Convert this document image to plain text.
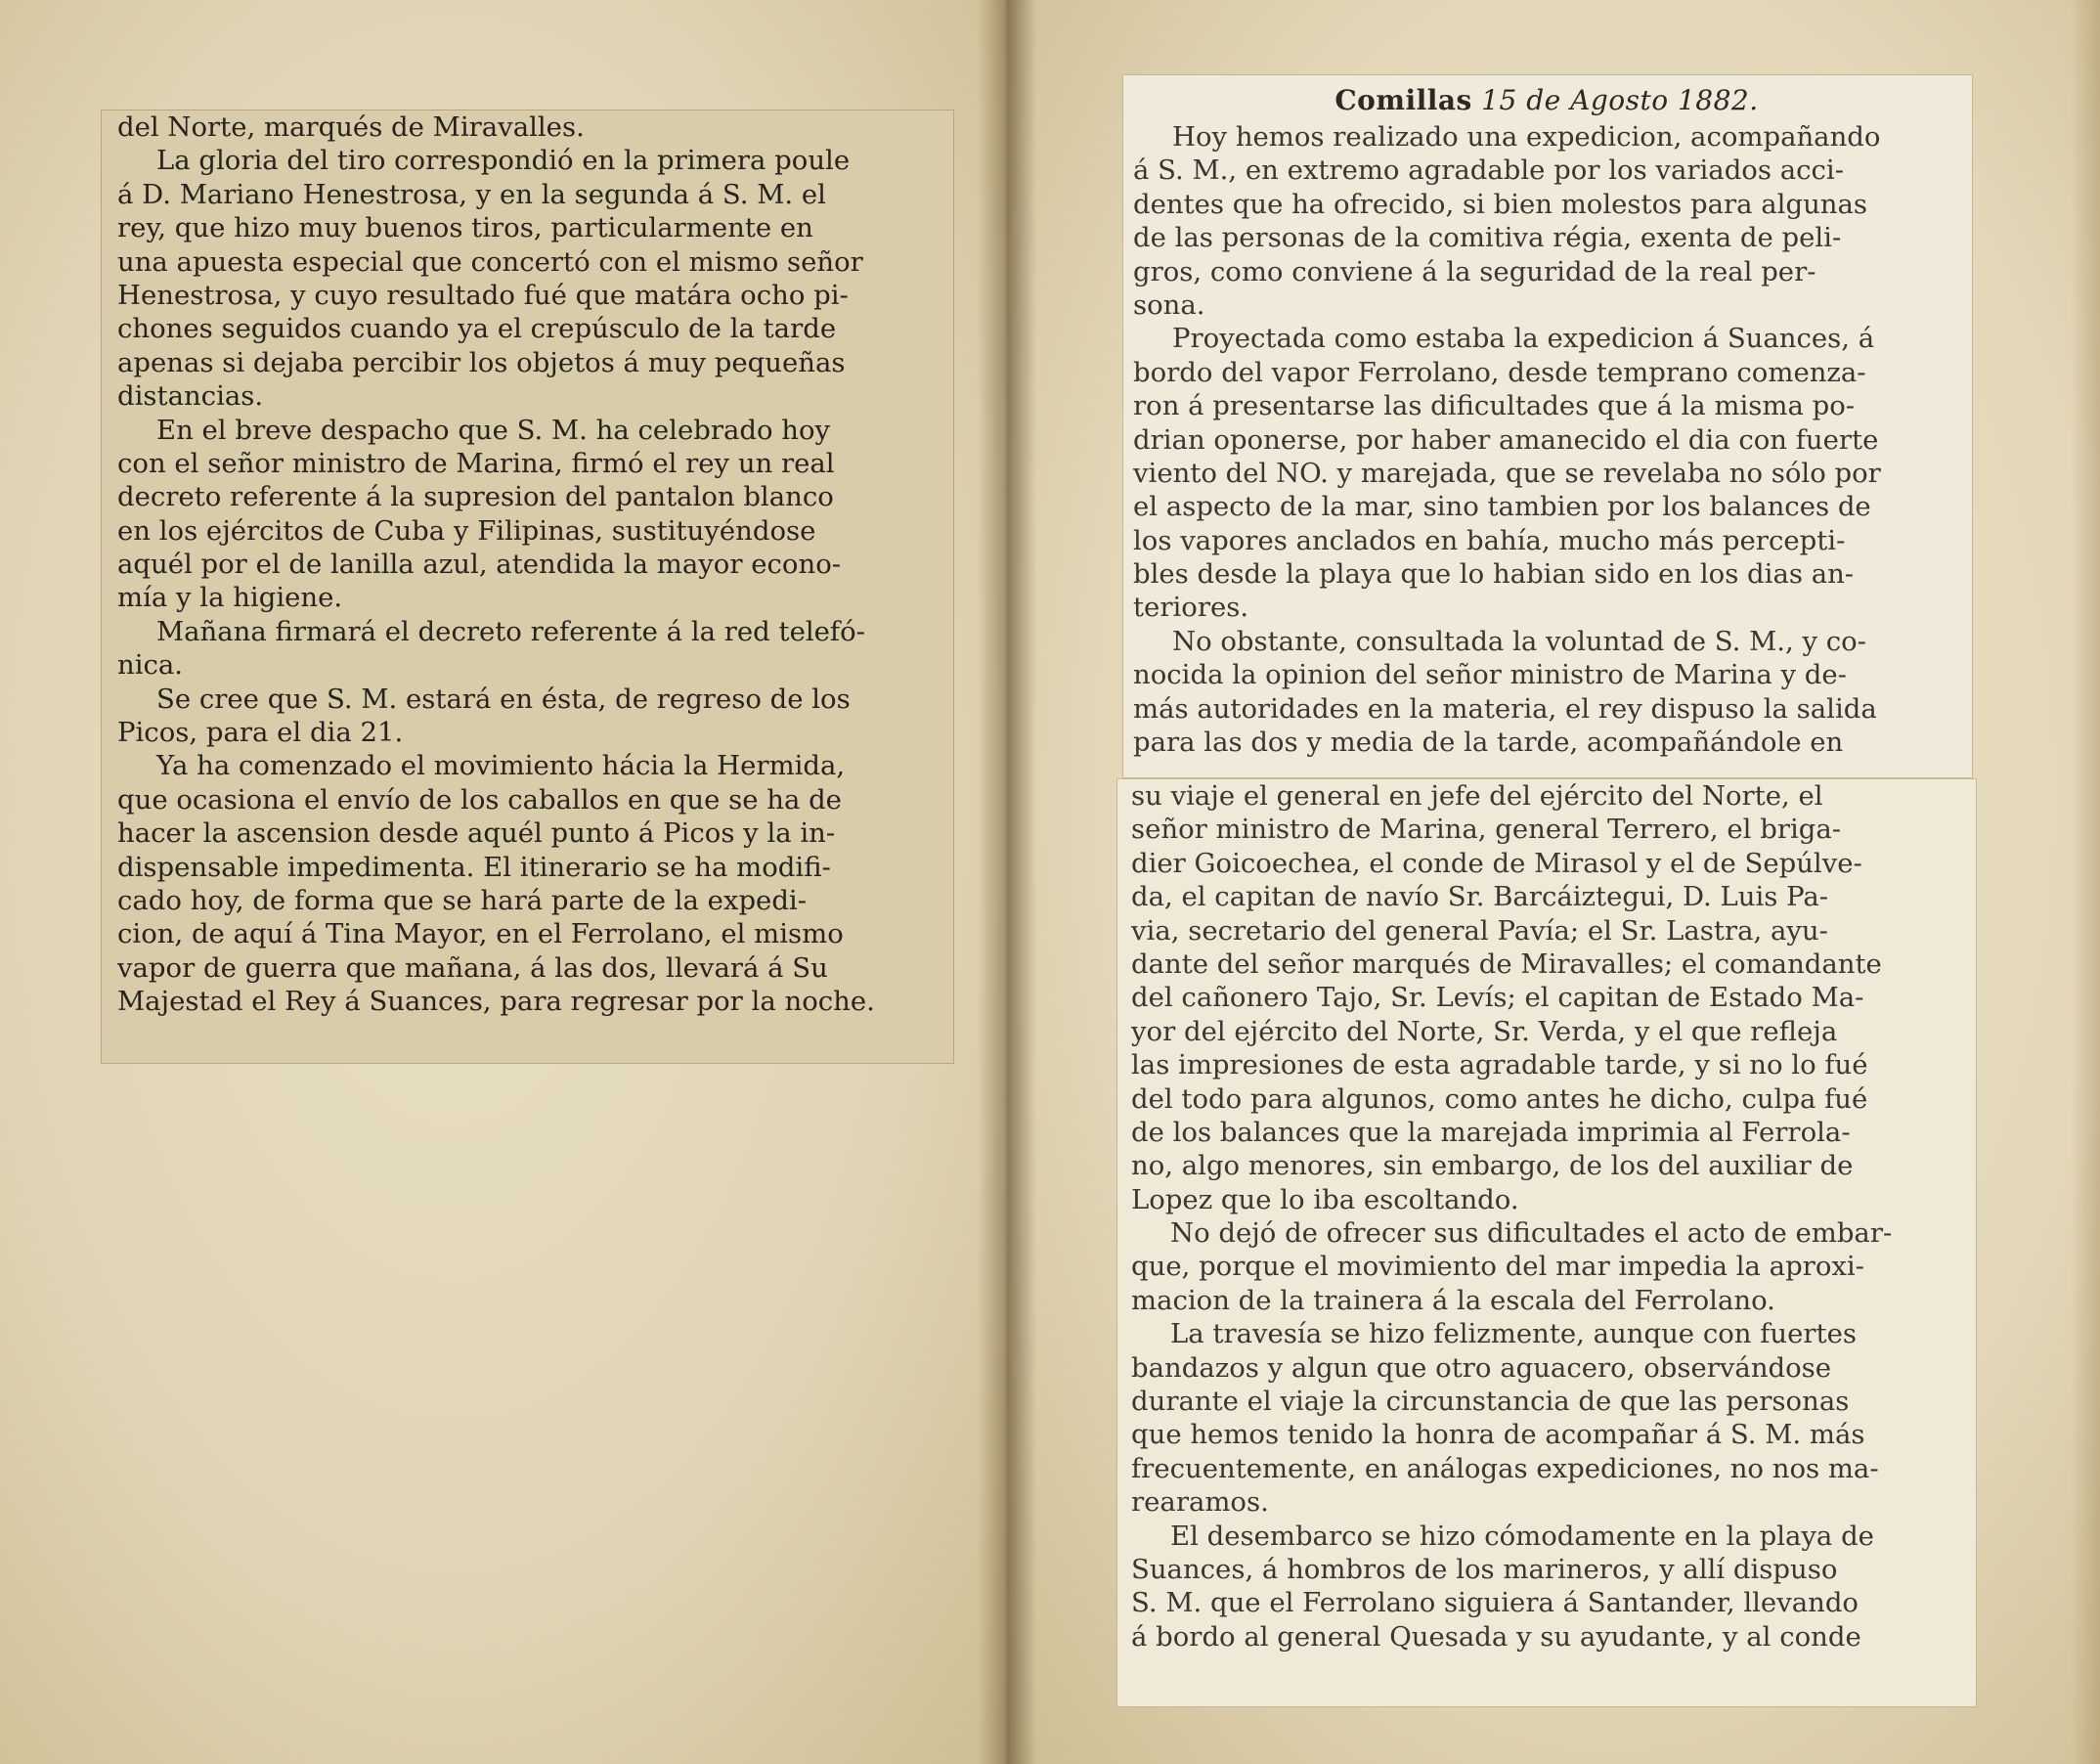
del Norte, marqués de Miravalles.
La gloria del tiro correspondió en la primera poule
á D. Mariano Henestrosa, y en la segunda á S. M. el
rey, que hizo muy buenos tiros, particularmente en
una apuesta especial que concertó con el mismo señor
Henestrosa, y cuyo resultado fué que matára ocho pi-
chones seguidos cuando ya el crepúsculo de la tarde
apenas si dejaba percibir los objetos á muy pequeñas
distancias.
En el breve despacho que S. M. ha celebrado hoy
con el señor ministro de Marina, firmó el rey un real
decreto referente á la supresion del pantalon blanco
en los ejércitos de Cuba y Filipinas, sustituyéndose
aquél por el de lanilla azul, atendida la mayor econo-
mía y la higiene.
Mañana firmará el decreto referente á la red telefó-
nica.
Se cree que S. M. estará en ésta, de regreso de los
Picos, para el dia 21.
Ya ha comenzado el movimiento hácia la Hermida,
que ocasiona el envío de los caballos en que se ha de
hacer la ascension desde aquél punto á Picos y la in-
dispensable impedimenta. El itinerario se ha modifi-
cado hoy, de forma que se hará parte de la expedi-
cion, de aquí á Tina Mayor, en el Ferrolano, el mismo
vapor de guerra que mañana, á las dos, llevará á Su
Majestad el Rey á Suances, para regresar por la noche.
Comillas 15 de Agosto 1882.
Hoy hemos realizado una expedicion, acompañando
á S. M., en extremo agradable por los variados acci-
dentes que ha ofrecido, si bien molestos para algunas
de las personas de la comitiva régia, exenta de peli-
gros, como conviene á la seguridad de la real per-
sona.
Proyectada como estaba la expedicion á Suances, á
bordo del vapor Ferrolano, desde temprano comenza-
ron á presentarse las dificultades que á la misma po-
drian oponerse, por haber amanecido el dia con fuerte
viento del NO. y marejada, que se revelaba no sólo por
el aspecto de la mar, sino tambien por los balances de
los vapores anclados en bahía, mucho más percepti-
bles desde la playa que lo habian sido en los dias an-
teriores.
No obstante, consultada la voluntad de S. M., y co-
nocida la opinion del señor ministro de Marina y de-
más autoridades en la materia, el rey dispuso la salida
para las dos y media de la tarde, acompañándole en
su viaje el general en jefe del ejército del Norte, el
señor ministro de Marina, general Terrero, el briga-
dier Goicoechea, el conde de Mirasol y el de Sepúlve-
da, el capitan de navío Sr. Barcáiztegui, D. Luis Pa-
via, secretario del general Pavía; el Sr. Lastra, ayu-
dante del señor marqués de Miravalles; el comandante
del cañonero Tajo, Sr. Levís; el capitan de Estado Ma-
yor del ejército del Norte, Sr. Verda, y el que refleja
las impresiones de esta agradable tarde, y si no lo fué
del todo para algunos, como antes he dicho, culpa fué
de los balances que la marejada imprimia al Ferrola-
no, algo menores, sin embargo, de los del auxiliar de
Lopez que lo iba escoltando.
No dejó de ofrecer sus dificultades el acto de embar-
que, porque el movimiento del mar impedia la aproxi-
macion de la trainera á la escala del Ferrolano.
La travesía se hizo felizmente, aunque con fuertes
bandazos y algun que otro aguacero, observándose
durante el viaje la circunstancia de que las personas
que hemos tenido la honra de acompañar á S. M. más
frecuentemente, en análogas expediciones, no nos ma-
rearamos.
El desembarco se hizo cómodamente en la playa de
Suances, á hombros de los marineros, y allí dispuso
S. M. que el Ferrolano siguiera á Santander, llevando
á bordo al general Quesada y su ayudante, y al conde
